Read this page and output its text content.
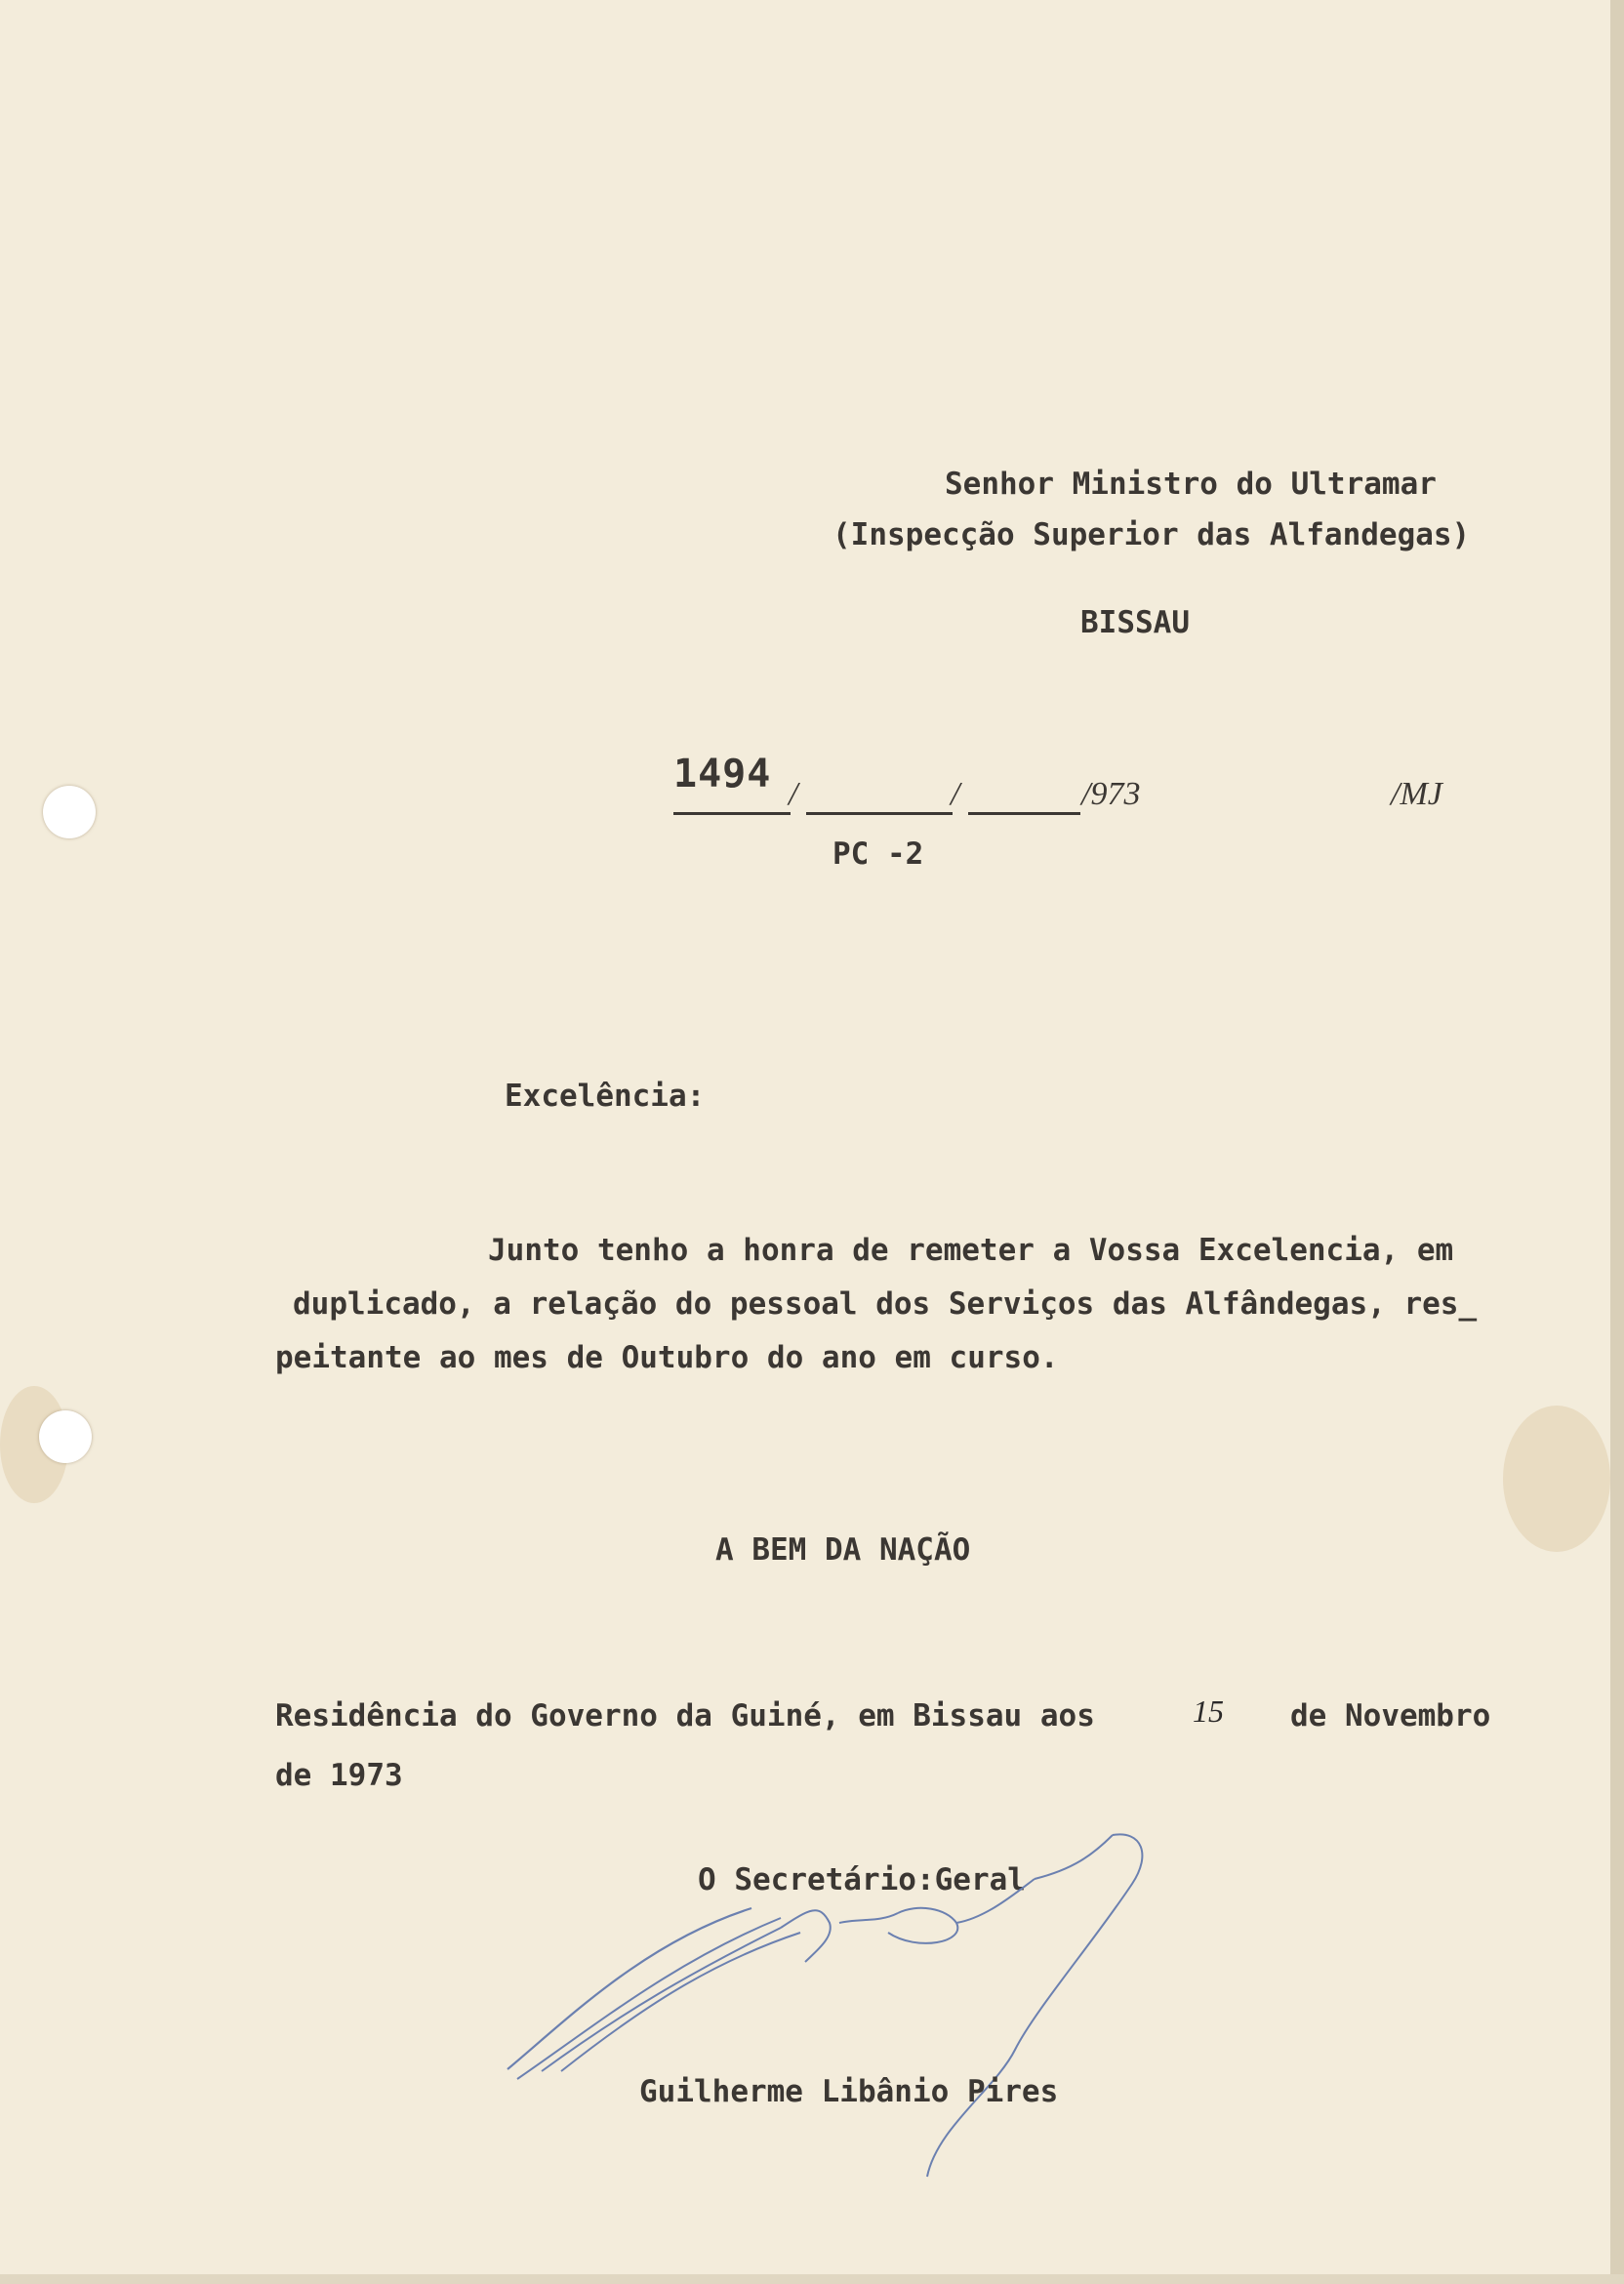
Senhor Ministro do Ultramar
(Inspecção Superior das Alfandegas)
BISSAU
1494 /	/	/973	/MJ
PC -2
Excelência:
Junto tenho a honra de remeter a Vossa Excelencia, em
duplicado, a relação do pessoal dos Serviços das Alfândegas, res_
peitante ao mes de Outubro do ano em curso.
A BEM DA NAÇÃO
Residência do Governo da Guiné, em Bissau aos	15 de Novembro
de 1973
O Secretário:Geral
Guilherme Libânio Pires
